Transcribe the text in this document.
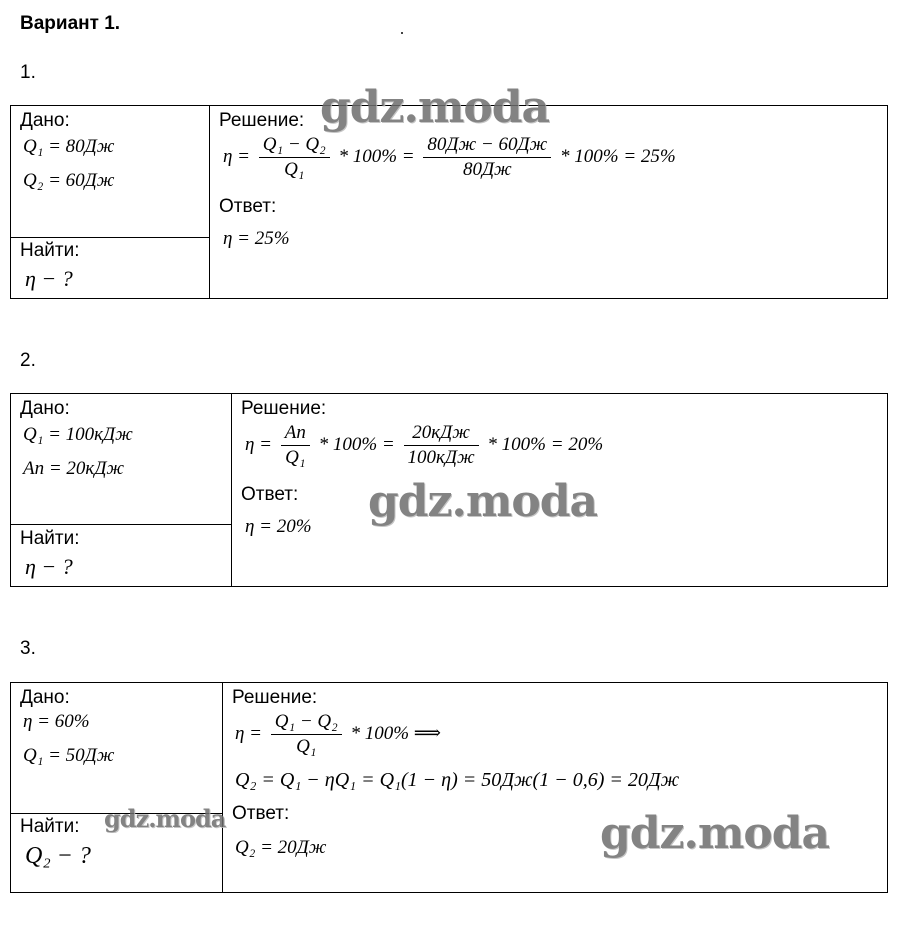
Вариант 1.
1.
Дано:
Q₁ = 80Дж
Q₂ = 60Дж
Найти:
η − ?
Решение:
$\eta = \frac{\text{Q₁ − Q₂}}{\text{Q₁}} * 100\% = \frac{80Дж - 60Дж}{80Дж} * 100\% = 25\%$
Ответ:
η = 25%
gdz.moda
2.
Дано:
Q₁ = 100кДж
Aп = 20кДж
Найти:
η − ?
Решение:
$\eta = \frac{Aп}{\text{Q₁}} * 100\% = \frac{\text{20кДж}}{\text{100кДж}} * 100\% = 20\%$
Ответ:
η = 20% gdz.moda
3.
Дано:
η = 60%
Q₁ = 50Дж
Найти:
Q₂ − ?
Решение:
$\eta = \frac{\text{Q₁ − Q₂}}{\text{Q₁}} * 100\%$ ⟹
Q₂ = Q₁ − ηQ₁ = Q₁(1 − η) = 50Дж(1 − 0,6) = 20Дж
Ответ:
Q₂ = 20Дж
gdz.moda	gdz.moda
